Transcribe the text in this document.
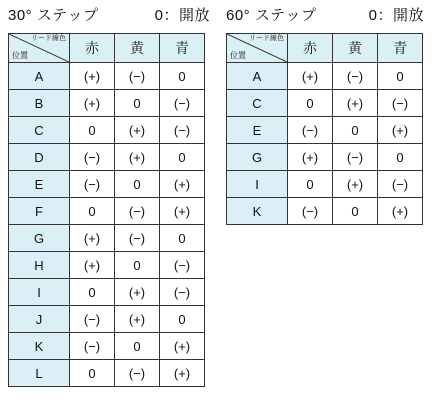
30° ステップ	0：開放
リード線色
位置	赤	黄	青
A	(+)	(−)	0
B	(+)	0	(−)
C	0	(+)	(−)
D	(−)	(+)	0
E	(−)	0	(+)
F	0	(−)	(+)
G	(+)	(−)	0
H	(+)	0	(−)
I	0	(+)	(−)
J	(−)	(+)	0
K	(−)	0	(+)
L	0	(−)	(+)
60° ステップ	0：開放
リード線色
位置	赤	黄	青
A	(+)	(−)	0
C	0	(+)	(−)
E	(−)	0	(+)
G	(+)	(−)	0
I	0	(+)	(−)
K	(−)	0	(+)
